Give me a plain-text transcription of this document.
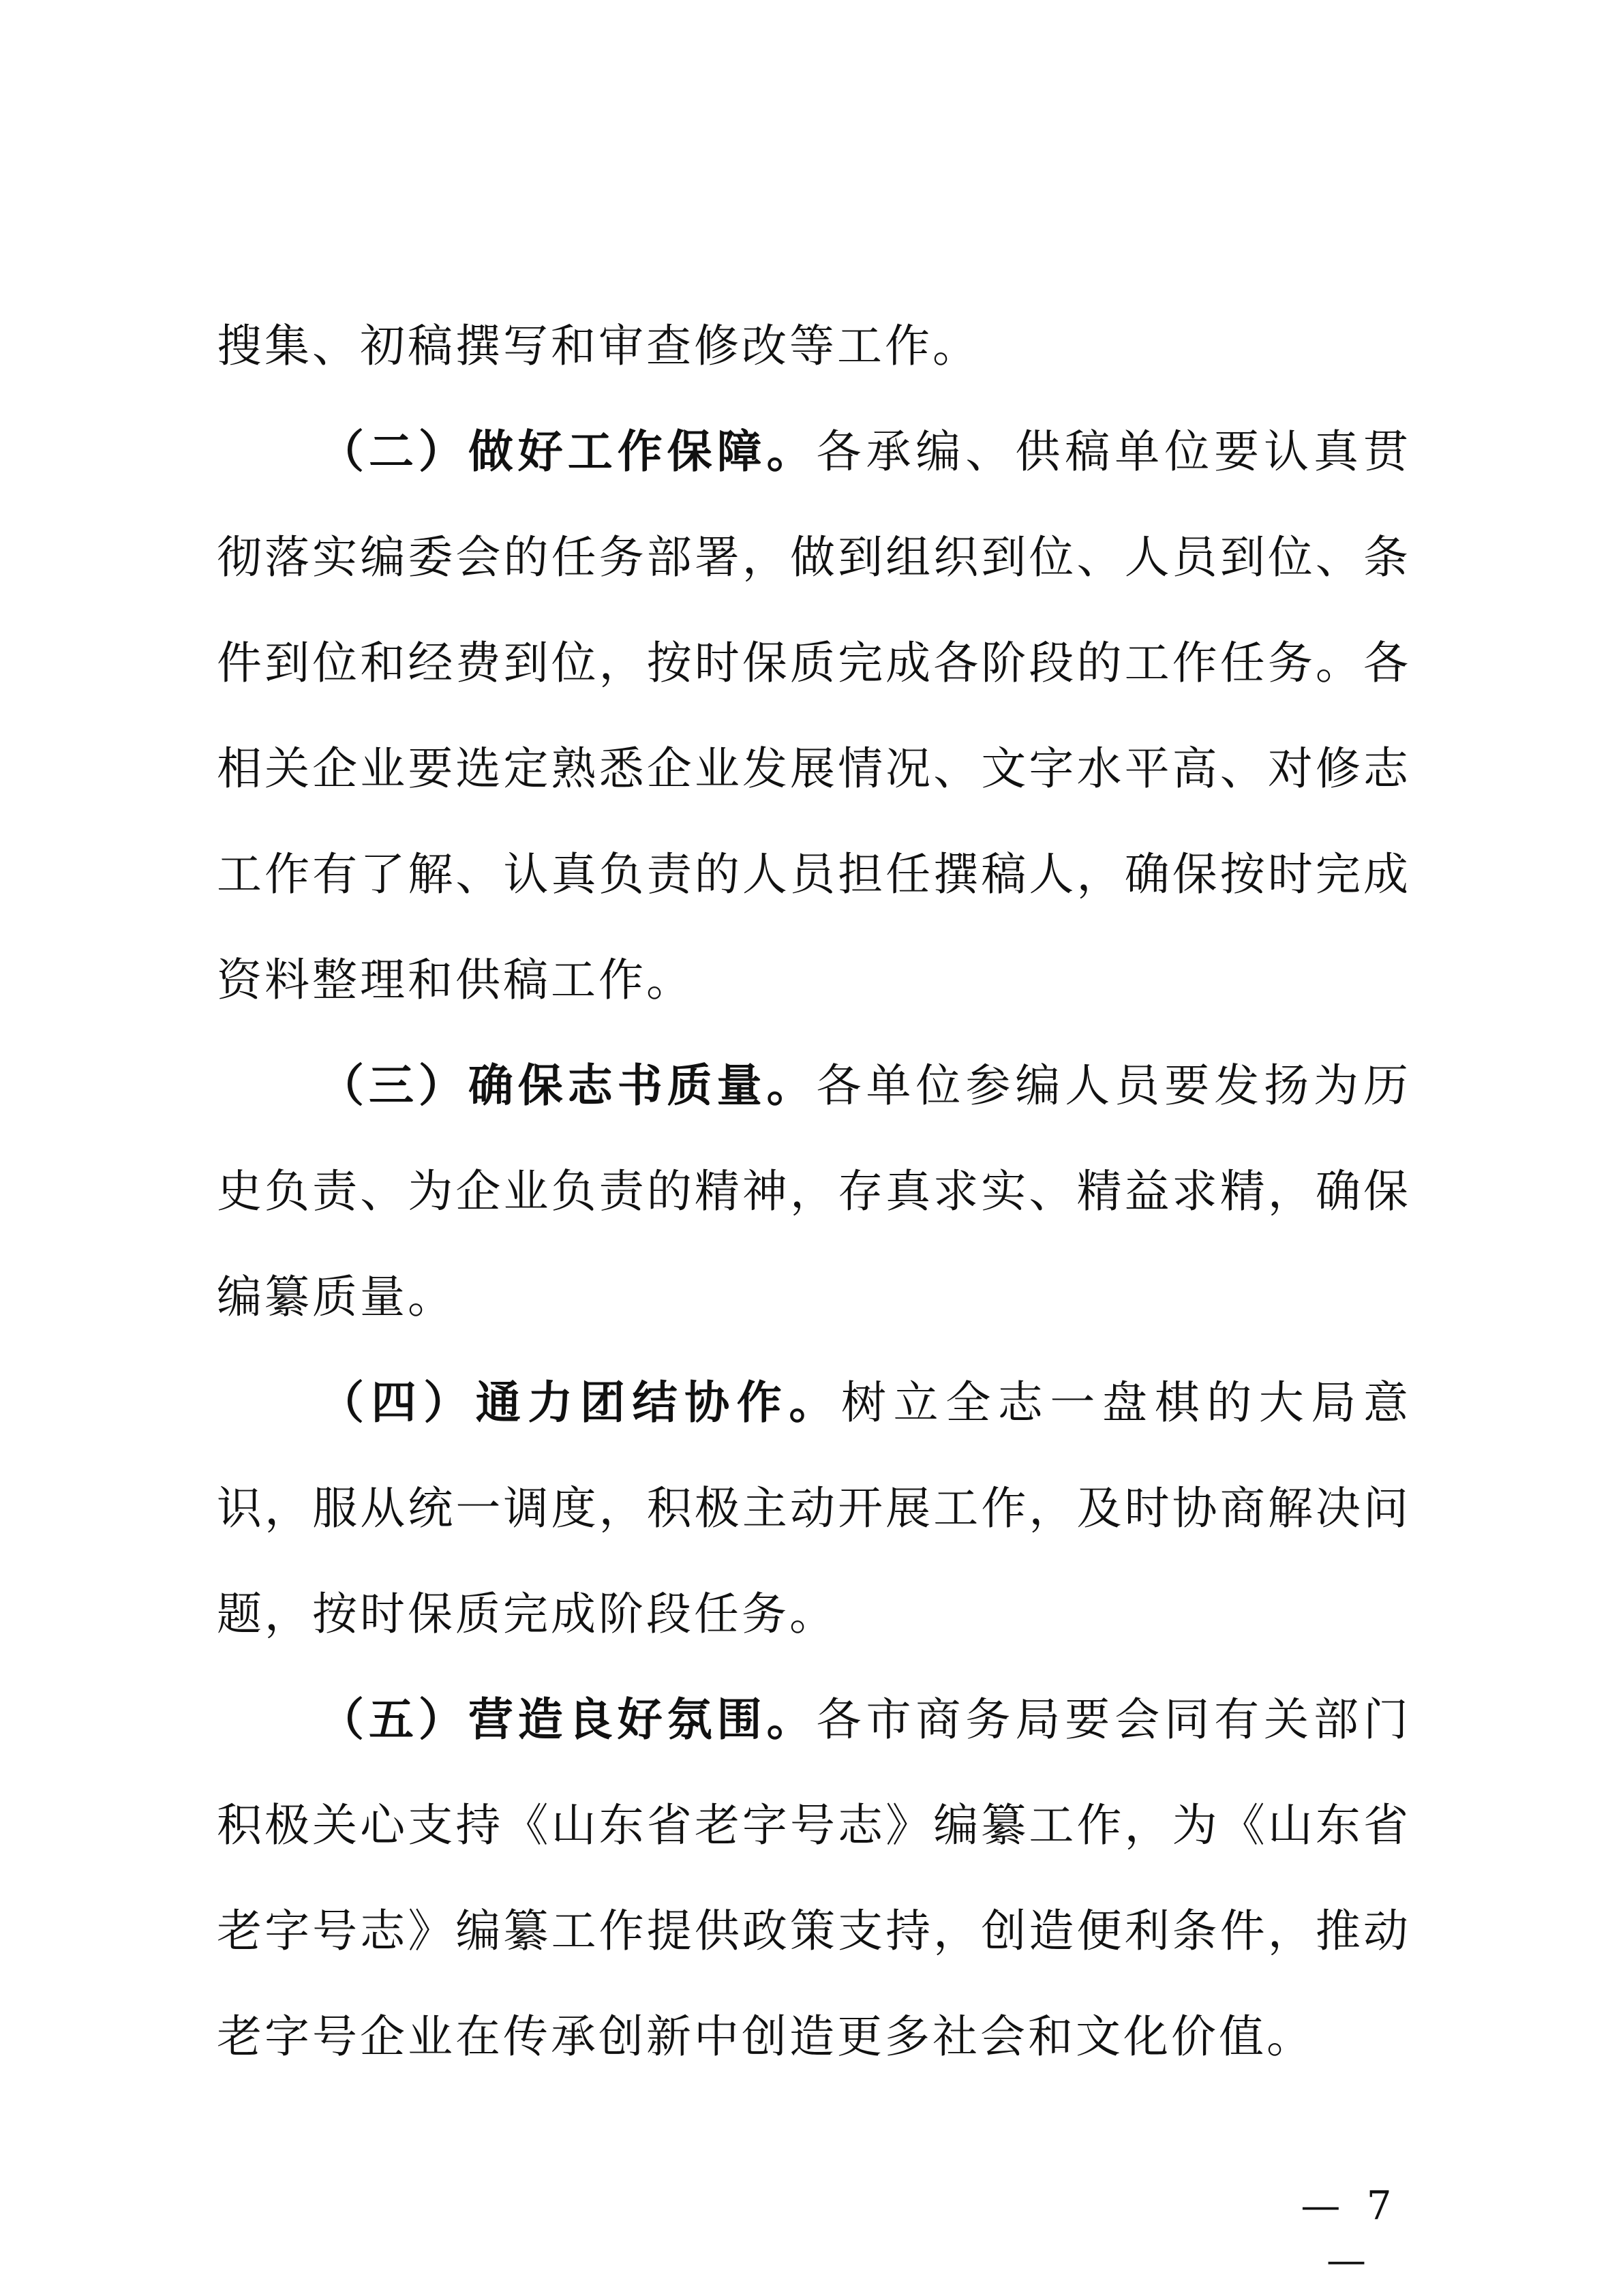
搜集、初稿撰写和审查修改等工作。

（二）做好工作保障。各承编、供稿单位要认真贯彻落实编委会的任务部署，做到组织到位、人员到位、条件到位和经费到位，按时保质完成各阶段的工作任务。各相关企业要选定熟悉企业发展情况、文字水平高、对修志工作有了解、认真负责的人员担任撰稿人，确保按时完成资料整理和供稿工作。

（三）确保志书质量。各单位参编人员要发扬为历史负责、为企业负责的精神，存真求实、精益求精，确保编纂质量。

（四）通力团结协作。树立全志一盘棋的大局意识，服从统一调度，积极主动开展工作，及时协商解决问题，按时保质完成阶段任务。

（五）营造良好氛围。各市商务局要会同有关部门积极关心支持《山东省老字号志》编纂工作，为《山东省老字号志》编纂工作提供政策支持，创造便利条件，推动老字号企业在传承创新中创造更多社会和文化价值。

— 7 —
